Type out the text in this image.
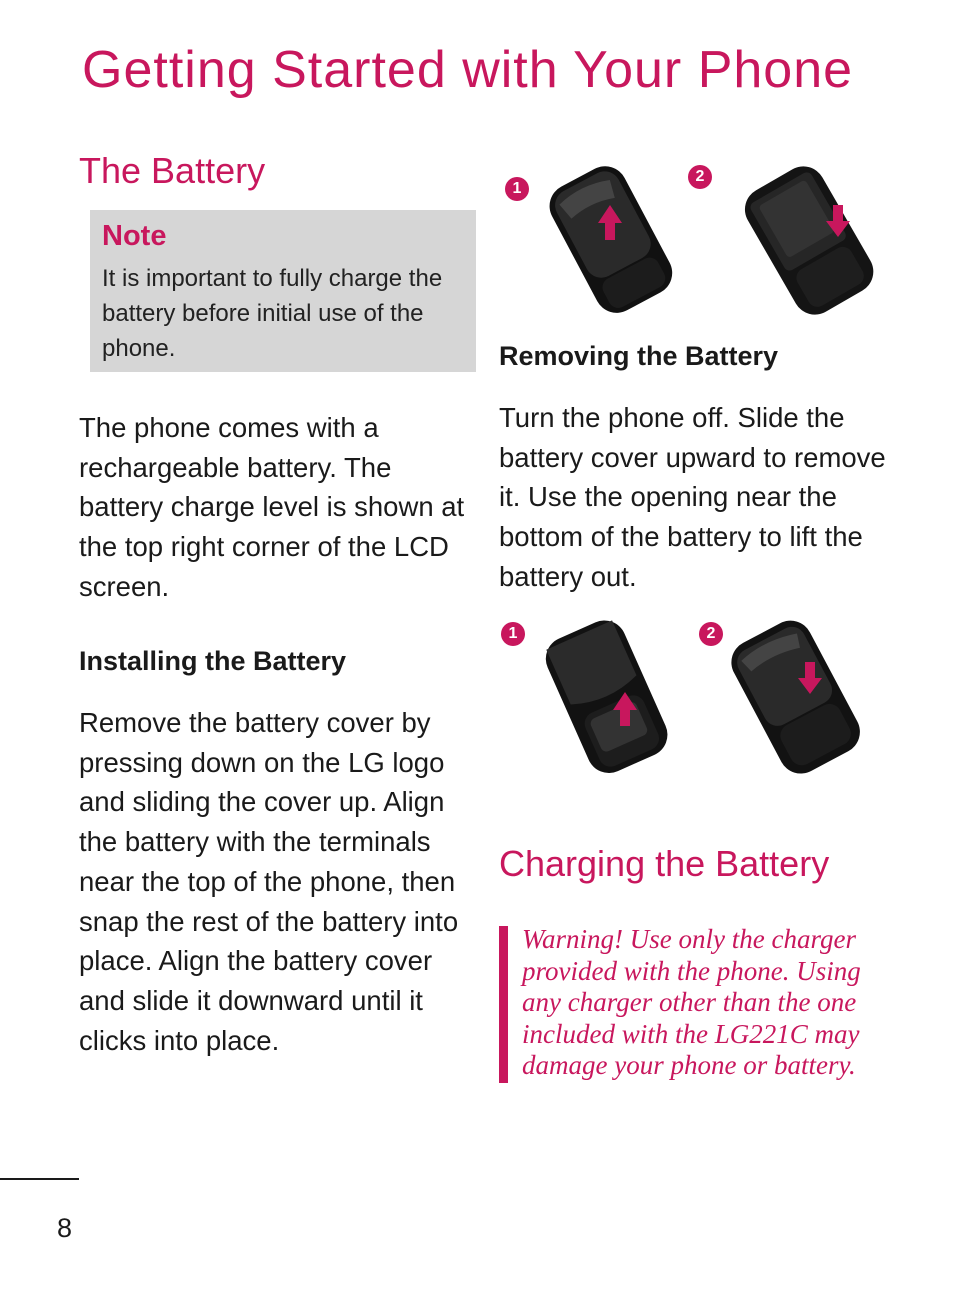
Getting Started with Your Phone
The Battery

Note

It is important to fully charge the battery before initial use of the phone.

The phone comes with a rechargeable battery. The battery charge level is shown at the top right corner of the LCD screen.

Installing the Battery

Remove the battery cover by pressing down on the LG logo and sliding the cover up. Align the battery with the terminals near the top of the phone, then snap the rest of the battery into place. Align the battery cover and slide it downward until it clicks into place.

1
2
Removing the Battery

Turn the phone off. Slide the battery cover upward to remove it. Use the opening near the bottom of the battery to lift the battery out.

1	2
Charging the Battery

Warning! Use only the charger provided with the phone. Using any charger other than the one included with the LG221C may damage your phone or battery.

8
